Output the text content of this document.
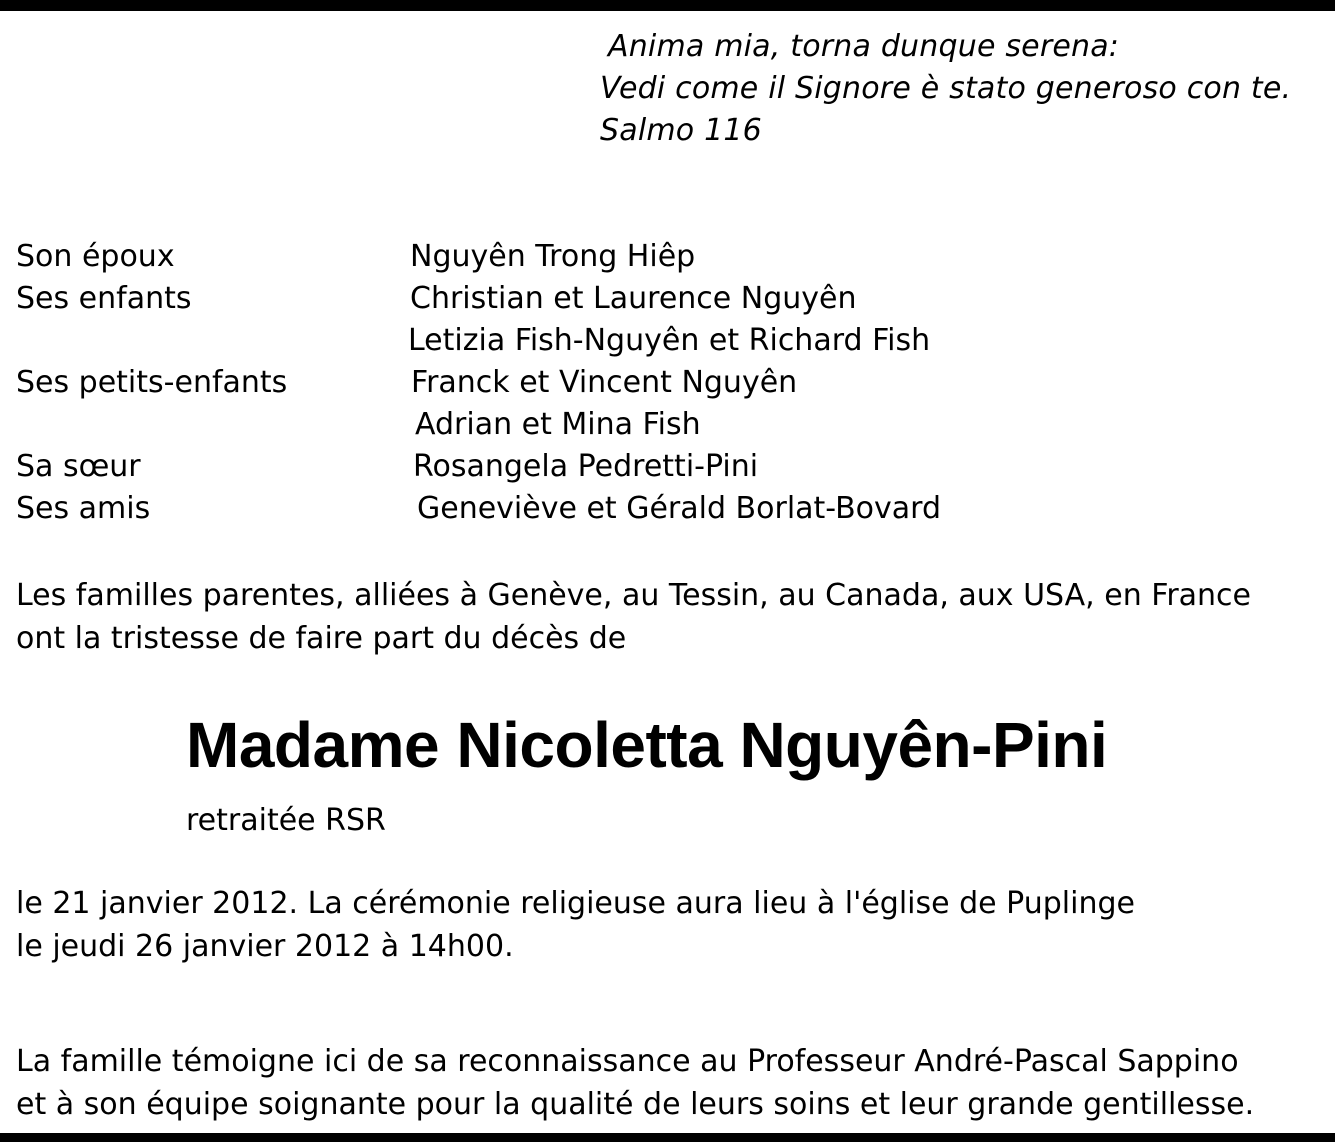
Anima mia, torna dunque serena:
Vedi come il Signore è stato generoso con te.
Salmo 116
Son époux	Nguyên Trong Hiêp
Ses enfants	Christian et Laurence Nguyên
Letizia Fish-Nguyên et Richard Fish
Ses petits-enfants	Franck et Vincent Nguyên
Adrian et Mina Fish
Sa sœur	Rosangela Pedretti-Pini
Ses amis	Geneviève et Gérald Borlat-Bovard
Les familles parentes, alliées à Genève, au Tessin, au Canada, aux USA, en France
ont la tristesse de faire part du décès de
Madame Nicoletta Nguyên-Pini
retraitée RSR
le 21 janvier 2012. La cérémonie religieuse aura lieu à l'église de Puplinge
le jeudi 26 janvier 2012 à 14h00.
La famille témoigne ici de sa reconnaissance au Professeur André-Pascal Sappino
et à son équipe soignante pour la qualité de leurs soins et leur grande gentillesse.
